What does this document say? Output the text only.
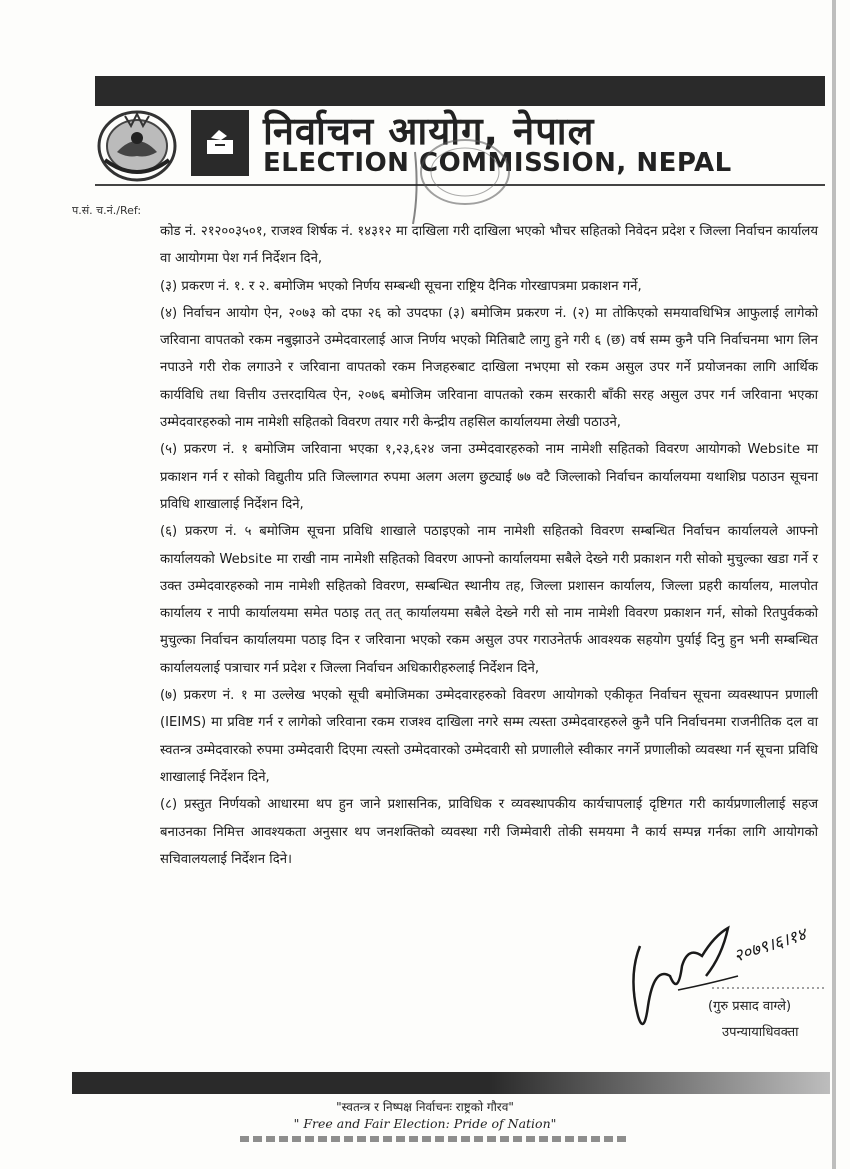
निर्वाचन आयोग, नेपाल
ELECTION COMMISSION, NEPAL
प.सं. च.नं./Ref:

कोड नं. २१२००३५०१, राजश्व शिर्षक नं. १४३१२ मा दाखिला गरी दाखिला भएको भौचर सहितको निवेदन प्रदेश र जिल्ला निर्वाचन कार्यालय वा आयोगमा पेश गर्न निर्देशन दिने,

(३) प्रकरण नं. १. र २. बमोजिम भएको निर्णय सम्बन्धी सूचना राष्ट्रिय दैनिक गोरखापत्रमा प्रकाशन गर्ने,

(४) निर्वाचन आयोग ऐन, २०७३ को दफा २६ को उपदफा (३) बमोजिम प्रकरण नं. (२) मा तोकिएको समयावधिभित्र आफुलाई लागेको जरिवाना वापतको रकम नबुझाउने उम्मेदवारलाई आज निर्णय भएको मितिबाटै लागु हुने गरी ६ (छ) वर्ष सम्म कुनै पनि निर्वाचनमा भाग लिन नपाउने गरी रोक लगाउने र जरिवाना वापतको रकम निजहरुबाट दाखिला नभएमा सो रकम असुल उपर गर्ने प्रयोजनका लागि आर्थिक कार्यविधि तथा वित्तीय उत्तरदायित्व ऐन, २०७६ बमोजिम जरिवाना वापतको रकम सरकारी बाँकी सरह असुल उपर गर्न जरिवाना भएका उम्मेदवारहरुको नाम नामेशी सहितको विवरण तयार गरी केन्द्रीय तहसिल कार्यालयमा लेखी पठाउने,

(५) प्रकरण नं. १ बमोजिम जरिवाना भएका १,२३,६२४ जना उम्मेदवारहरुको नाम नामेशी सहितको विवरण आयोगको Website मा प्रकाशन गर्न र सोको विद्युतीय प्रति जिल्लागत रुपमा अलग अलग छुट्याई ७७ वटै जिल्लाको निर्वाचन कार्यालयमा यथाशिघ्र पठाउन सूचना प्रविधि शाखालाई निर्देशन दिने,

(६) प्रकरण नं. ५ बमोजिम सूचना प्रविधि शाखाले पठाइएको नाम नामेशी सहितको विवरण सम्बन्धित निर्वाचन कार्यालयले आफ्नो कार्यालयको Website मा राखी नाम नामेशी सहितको विवरण आफ्नो कार्यालयमा सबैले देख्ने गरी प्रकाशन गरी सोको मुचुल्का खडा गर्ने र उक्त उम्मेदवारहरुको नाम नामेशी सहितको विवरण, सम्बन्धित स्थानीय तह, जिल्ला प्रशासन कार्यालय, जिल्ला प्रहरी कार्यालय, मालपोत कार्यालय र नापी कार्यालयमा समेत पठाइ तत् तत् कार्यालयमा सबैले देख्ने गरी सो नाम नामेशी विवरण प्रकाशन गर्न, सोको रितपुर्वकको मुचुल्का निर्वाचन कार्यालयमा पठाइ दिन र जरिवाना भएको रकम असुल उपर गराउनेतर्फ आवश्यक सहयोग पुर्याई दिनु हुन भनी सम्बन्धित कार्यालयलाई पत्राचार गर्न प्रदेश र जिल्ला निर्वाचन अधिकारीहरुलाई निर्देशन दिने,

(७) प्रकरण नं. १ मा उल्लेख भएको सूची बमोजिमका उम्मेदवारहरुको विवरण आयोगको एकीकृत निर्वाचन सूचना व्यवस्थापन प्रणाली (IEIMS) मा प्रविष्ट गर्न र लागेको जरिवाना रकम राजश्व दाखिला नगरे सम्म त्यस्ता उम्मेदवारहरुले कुनै पनि निर्वाचनमा राजनीतिक दल वा स्वतन्त्र उम्मेदवारको रुपमा उम्मेदवारी दिएमा त्यस्तो उम्मेदवारको उम्मेदवारी सो प्रणालीले स्वीकार नगर्ने प्रणालीको व्यवस्था गर्न सूचना प्रविधि शाखालाई निर्देशन दिने,

(८) प्रस्तुत निर्णयको आधारमा थप हुन जाने प्रशासनिक, प्राविधिक र व्यवस्थापकीय कार्यचापलाई दृष्टिगत गरी कार्यप्रणालीलाई सहज बनाउनका निमित्त आवश्यकता अनुसार थप जनशक्तिको व्यवस्था गरी जिम्मेवारी तोकी समयमा नै कार्य सम्पन्न गर्नका लागि आयोगको सचिवालयलाई निर्देशन दिने।

२०७९।६।१४
(गुरु प्रसाद वाग्ले)
उपन्यायाधिवक्ता
"स्वतन्त्र र निष्पक्ष निर्वाचनः राष्ट्रको गौरव"
" Free and Fair Election: Pride of Nation"
